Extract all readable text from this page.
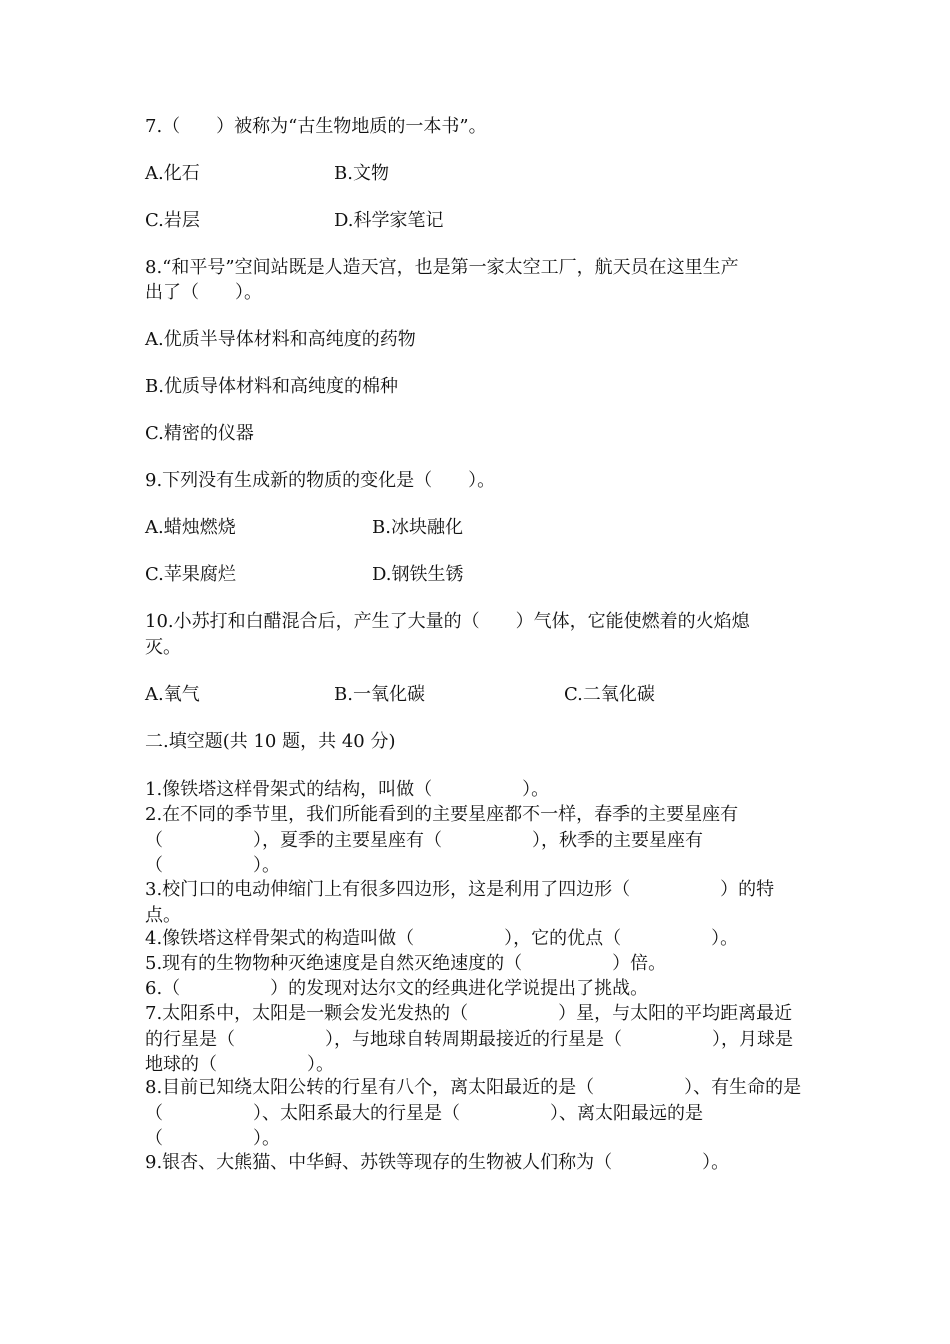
7.（　　）被称为“古生物地质的一本书”。
A.化石	B.文物
C.岩层	D.科学家笔记
8.“和平号”空间站既是人造天宫，也是第一家太空工厂，航天员在这里生产
出了（　　）。
A.优质半导体材料和高纯度的药物
B.优质导体材料和高纯度的棉种
C.精密的仪器
9.下列没有生成新的物质的变化是（　　）。
A.蜡烛燃烧	B.冰块融化
C.苹果腐烂	D.钢铁生锈
10.小苏打和白醋混合后，产生了大量的（　　）气体，它能使燃着的火焰熄
灭。
A.氧气	B.一氧化碳	C.二氧化碳
二.填空题(共 10 题，共 40 分)
1.像铁塔这样骨架式的结构，叫做（　　　　　）。
2.在不同的季节里，我们所能看到的主要星座都不一样，春季的主要星座有（　　　　　），夏季的主要星座有（　　　　　），秋季的主要星座有（　　　　　）。
3.校门口的电动伸缩门上有很多四边形，这是利用了四边形（　　　　　）的特点。
4.像铁塔这样骨架式的构造叫做（　　　　　），它的优点（　　　　　）。
5.现有的生物物种灭绝速度是自然灭绝速度的（　　　　　）倍。
6.（　　　　　）的发现对达尔文的经典进化学说提出了挑战。
7.太阳系中，太阳是一颗会发光发热的（　　　　　）星，与太阳的平均距离最近的行星是（　　　　　），与地球自转周期最接近的行星是（　　　　　），月球是地球的（　　　　　）。
8.目前已知绕太阳公转的行星有八个，离太阳最近的是（　　　　　）、有生命的是（　　　　　）、太阳系最大的行星是（　　　　　）、离太阳最远的是（　　　　　）。
9.银杏、大熊猫、中华鲟、苏铁等现存的生物被人们称为（　　　　　）。
